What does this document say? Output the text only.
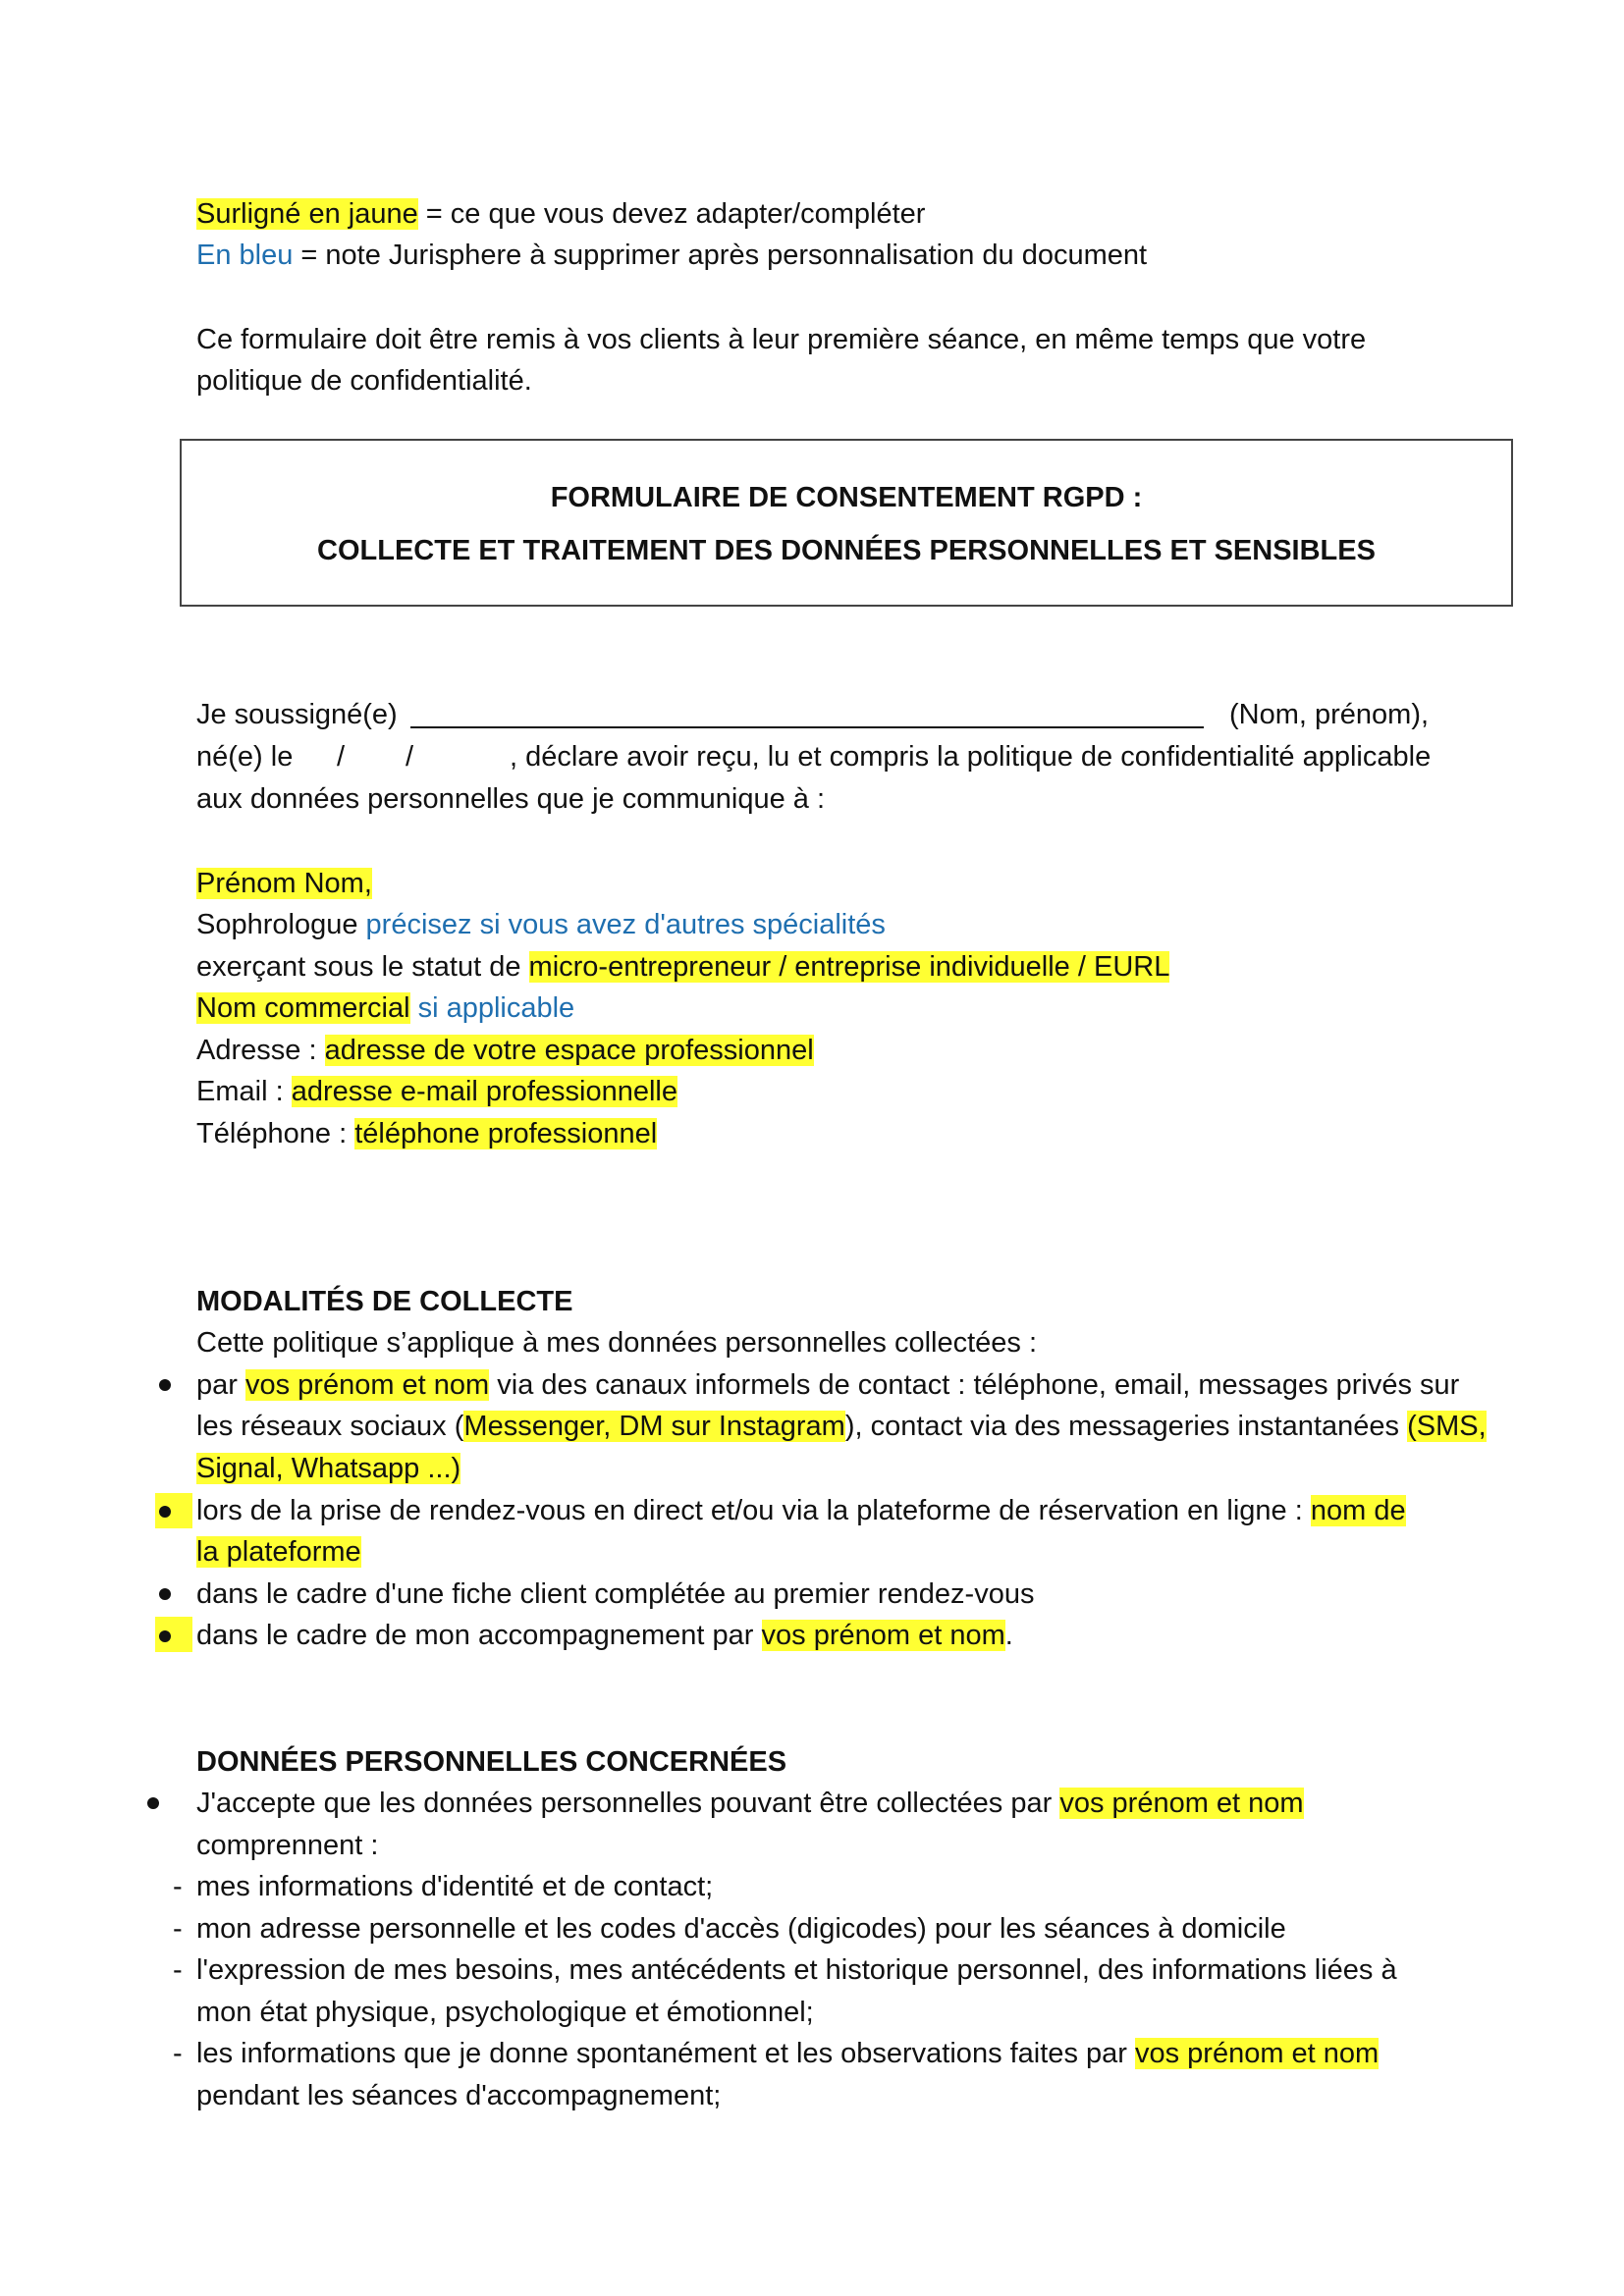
Surligné en jaune = ce que vous devez adapter/compléter
En bleu = note Jurisphere à supprimer après personnalisation du document
Ce formulaire doit être remis à vos clients à leur première séance, en même temps que votre
politique de confidentialité.
FORMULAIRE DE CONSENTEMENT RGPD :
COLLECTE ET TRAITEMENT DES DONNÉES PERSONNELLES ET SENSIBLES
Je soussigné(e)	(Nom, prénom),
né(e) le / /	, déclare avoir reçu, lu et compris la politique de confidentialité applicable
aux données personnelles que je communique à :
Prénom Nom,
Sophrologue précisez si vous avez d'autres spécialités
exerçant sous le statut de micro-entrepreneur / entreprise individuelle / EURL
Nom commercial si applicable
Adresse : adresse de votre espace professionnel
Email : adresse e-mail professionnelle
Téléphone : téléphone professionnel
MODALITÉS DE COLLECTE
Cette politique s’applique à mes données personnelles collectées :
par vos prénom et nom via des canaux informels de contact : téléphone, email, messages privés sur
les réseaux sociaux (Messenger, DM sur Instagram), contact via des messageries instantanées (SMS,
Signal, Whatsapp ...)
lors de la prise de rendez-vous en direct et/ou via la plateforme de réservation en ligne : nom de
la plateforme
dans le cadre d'une fiche client complétée au premier rendez-vous
dans le cadre de mon accompagnement par vos prénom et nom.
DONNÉES PERSONNELLES CONCERNÉES
J'accepte que les données personnelles pouvant être collectées par vos prénom et nom
comprennent :
- mes informations d'identité et de contact;
- mon adresse personnelle et les codes d'accès (digicodes) pour les séances à domicile
- l'expression de mes besoins, mes antécédents et historique personnel, des informations liées à
mon état physique, psychologique et émotionnel;
- les informations que je donne spontanément et les observations faites par vos prénom et nom
pendant les séances d'accompagnement;
